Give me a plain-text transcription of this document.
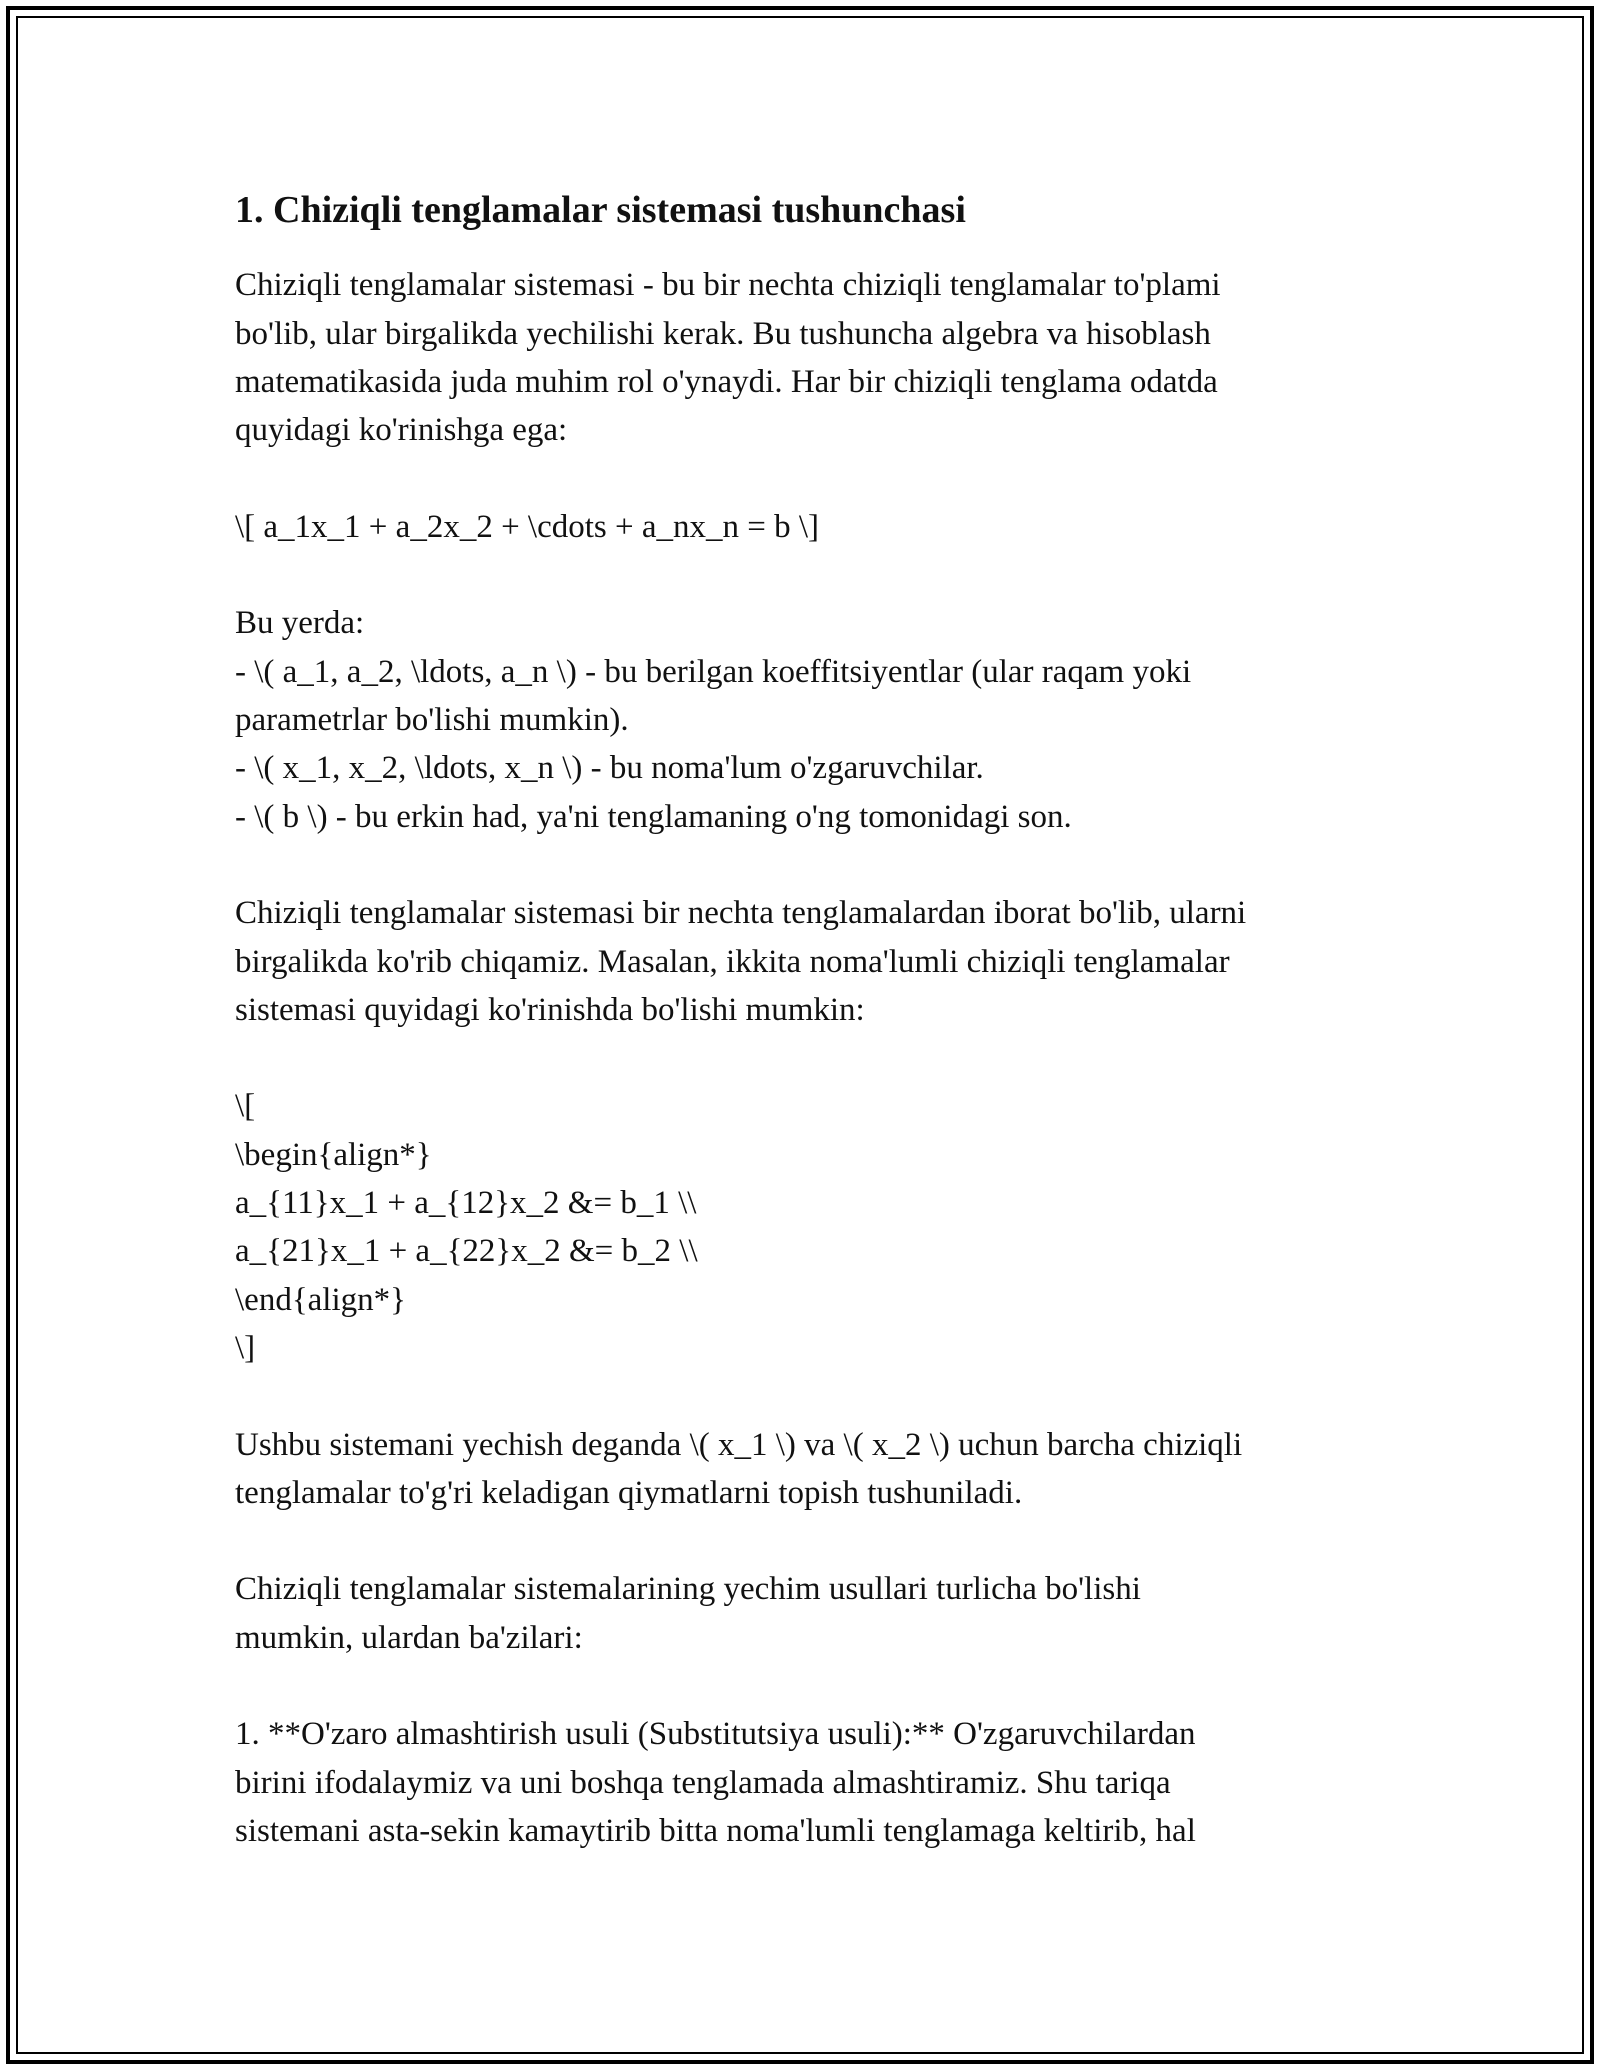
1. Chiziqli tenglamalar sistemasi tushunchasi

Chiziqli tenglamalar sistemasi - bu bir nechta chiziqli tenglamalar to'plami

bo'lib, ular birgalikda yechilishi kerak. Bu tushuncha algebra va hisoblash

matematikasida juda muhim rol o'ynaydi. Har bir chiziqli tenglama odatda

quyidagi ko'rinishga ega:

\[ a_1x_1 + a_2x_2 + \cdots + a_nx_n = b \]

Bu yerda:

- \( a_1, a_2, \ldots, a_n \) - bu berilgan koeffitsiyentlar (ular raqam yoki

parametrlar bo'lishi mumkin).

- \( x_1, x_2, \ldots, x_n \) - bu noma'lum o'zgaruvchilar.

- \( b \) - bu erkin had, ya'ni tenglamaning o'ng tomonidagi son.

Chiziqli tenglamalar sistemasi bir nechta tenglamalardan iborat bo'lib, ularni

birgalikda ko'rib chiqamiz. Masalan, ikkita noma'lumli chiziqli tenglamalar

sistemasi quyidagi ko'rinishda bo'lishi mumkin:

\[

\begin{align*}

a_{11}x_1 + a_{12}x_2 &= b_1 \\

a_{21}x_1 + a_{22}x_2 &= b_2 \\

\end{align*}

\]

Ushbu sistemani yechish deganda \( x_1 \) va \( x_2 \) uchun barcha chiziqli

tenglamalar to'g'ri keladigan qiymatlarni topish tushuniladi.

Chiziqli tenglamalar sistemalarining yechim usullari turlicha bo'lishi

mumkin, ulardan ba'zilari:

1. **O'zaro almashtirish usuli (Substitutsiya usuli):** O'zgaruvchilardan

birini ifodalaymiz va uni boshqa tenglamada almashtiramiz. Shu tariqa

sistemani asta-sekin kamaytirib bitta noma'lumli tenglamaga keltirib, hal
